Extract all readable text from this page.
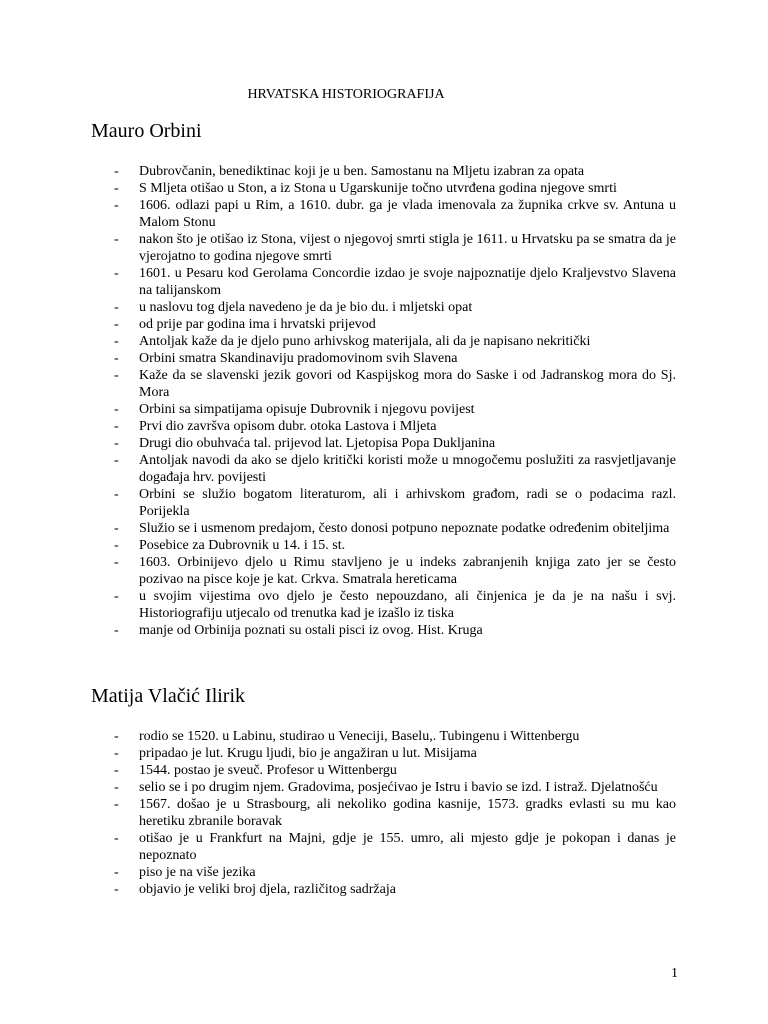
HRVATSKA HISTORIOGRAFIJA
Mauro Orbini
- Dubrovčanin, benediktinac koji je u ben. Samostanu na Mljetu izabran za opata
- S Mljeta otišao u Ston, a iz Stona u Ugarskunije točno utvrđena godina njegove smrti
- 1606. odlazi papi u Rim, a 1610. dubr. ga je vlada imenovala za župnika crkve sv. Antuna u Malom Stonu
- nakon što je otišao iz Stona, vijest o njegovoj smrti stigla je 1611. u Hrvatsku pa se smatra da je vjerojatno to godina njegove smrti
- 1601. u Pesaru kod Gerolama Concordie izdao je svoje najpoznatije djelo Kraljevstvo Slavena na talijanskom
- u naslovu tog djela navedeno je da je bio du. i mljetski opat
- od prije par godina ima i hrvatski prijevod
- Antoljak kaže da je djelo puno arhivskog materijala, ali da je napisano nekritički
- Orbini smatra Skandinaviju pradomovinom svih Slavena
- Kaže da se slavenski jezik govori od Kaspijskog mora do Saske i od Jadranskog mora do Sj. Mora
- Orbini sa simpatijama opisuje Dubrovnik i njegovu povijest
- Prvi dio završva opisom dubr. otoka Lastova i Mljeta
- Drugi dio obuhvaća tal. prijevod lat. Ljetopisa Popa Dukljanina
- Antoljak navodi da ako se djelo kritički koristi može u mnogočemu poslužiti za rasvjetljavanje događaja hrv. povijesti
- Orbini se služio bogatom literaturom, ali i arhivskom građom, radi se o podacima razl. Porijekla
- Služio se i usmenom predajom, često donosi potpuno nepoznate podatke određenim obiteljima
- Posebice za Dubrovnik u 14. i 15. st.
- 1603. Orbinijevo djelo u Rimu stavljeno je u indeks zabranjenih knjiga zato jer se često pozivao na pisce koje je kat. Crkva. Smatrala hereticama
- u svojim vijestima ovo djelo je često nepouzdano, ali činjenica je da je na našu i svj. Historiografiju utjecalo od trenutka kad je izašlo iz tiska
- manje od Orbinija poznati su ostali pisci iz ovog. Hist. Kruga
Matija Vlačić Ilirik
- rodio se 1520. u Labinu, studirao u Veneciji, Baselu,. Tubingenu i Wittenbergu
- pripadao je lut. Krugu ljudi, bio je angažiran u lut. Misijama
- 1544. postao je sveuč. Profesor u Wittenbergu
- selio se i po drugim njem. Gradovima, posjećivao je Istru i bavio se izd. I istraž. Djelatnošću
- 1567. došao je u Strasbourg, ali nekoliko godina kasnije, 1573. gradks evlasti su mu kao heretiku zbranile boravak
- otišao je u Frankfurt na Majni, gdje je 155. umro, ali mjesto gdje je pokopan i danas je nepoznato
- piso je na više jezika
- objavio je veliki broj djela, različitog sadržaja
1
